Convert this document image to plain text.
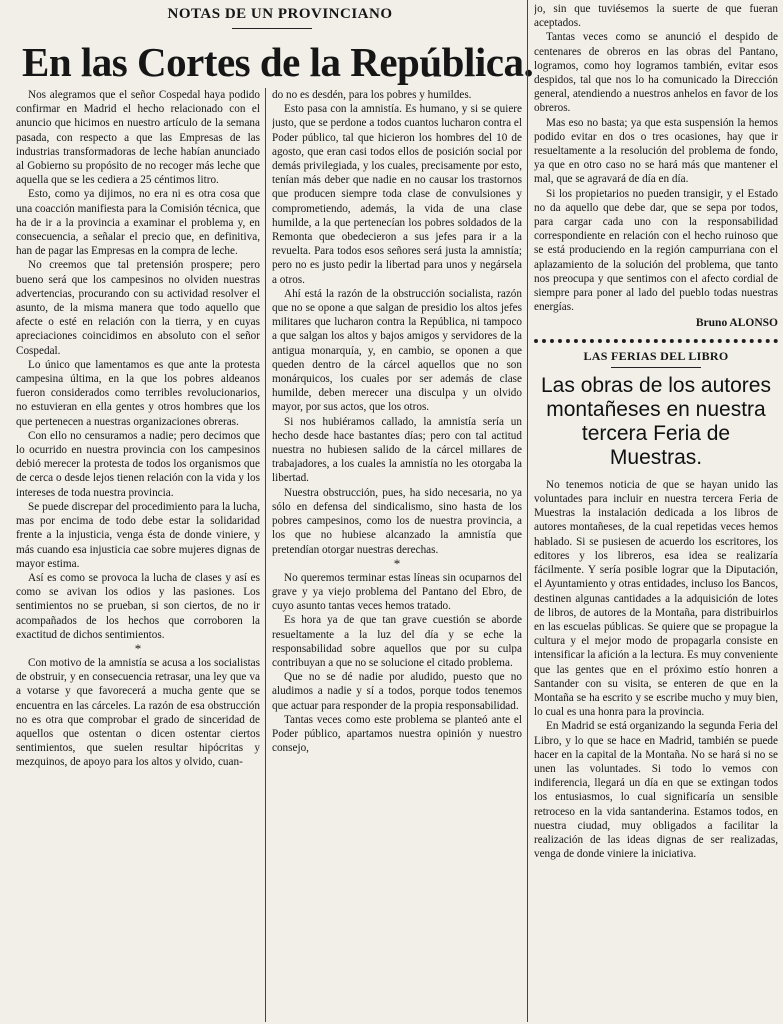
NOTAS DE UN PROVINCIANO
En las Cortes de la República.

Nos alegramos que el señor Cospedal haya podido confirmar en Madrid el hecho relacionado con el anuncio que hicimos en nuestro artículo de la semana pasada, con respecto a que las Empresas de las industrias transformadoras de leche habían anunciado al Gobierno su propósito de no recoger más leche que aquella que se les cediera a 25 céntimos litro.

Esto, como ya dijimos, no era ni es otra cosa que una coacción manifiesta para la Comisión técnica, que ha de ir a la provincia a examinar el problema y, en consecuencia, a señalar el precio que, en definitiva, han de pagar las Empresas en la compra de leche.

No creemos que tal pretensión prospere; pero bueno será que los campesinos no olviden nuestras advertencias, procurando con su actividad resolver el asunto, de la misma manera que todo aquello que afecte o esté en relación con la tierra, y en cuyas apreciaciones coincidimos en absoluto con el señor Cospedal.

Lo único que lamentamos es que ante la protesta campesina última, en la que los pobres aldeanos fueron considerados como terribles revolucionarios, no estuvieran en ella gentes y otros hombres que los que pertenecen a nuestras organizaciones obreras.

Con ello no censuramos a nadie; pero decimos que lo ocurrido en nuestra provincia con los campesinos debió merecer la protesta de todos los organismos que de cerca o desde lejos tienen relación con la vida y los intereses de toda nuestra provincia.

Se puede discrepar del procedimiento para la lucha, mas por encima de todo debe estar la solidaridad frente a la injusticia, venga ésta de donde viniere, y más cuando esa injusticia cae sobre mujeres dignas de mayor estima.

Así es como se provoca la lucha de clases y así es como se avivan los odios y las pasiones. Los sentimientos no se prueban, si son ciertos, de no ir acompañados de los hechos que corroboren la exactitud de dichos sentimientos.

*

Con motivo de la amnistía se acusa a los socialistas de obstruir, y en consecuencia retrasar, una ley que va a votarse y que favorecerá a mucha gente que se encuentra en las cárceles. La razón de esa obstrucción no es otra que comprobar el grado de sinceridad de aquellos que ostentan o dicen ostentar ciertos sentimientos, que suelen resultar hipócritas y mezquinos, de apoyo para los altos y olvido, cuan-

do no es desdén, para los pobres y humildes.

Esto pasa con la amnistía. Es humano, y si se quiere justo, que se perdone a todos cuantos lucharon contra el Poder público, tal que hicieron los hombres del 10 de agosto, que eran casi todos ellos de posición social por demás privilegiada, y los cuales, precisamente por esto, tenían más deber que nadie en no causar los trastornos que producen siempre toda clase de convulsiones y comprometiendo, además, la vida de una clase humilde, a la que pertenecían los pobres soldados de la Remonta que obedecieron a sus jefes para ir a la revuelta. Para todos esos señores será justa la amnistía; pero no es justo pedir la libertad para unos y negársela a otros.

Ahí está la razón de la obstrucción socialista, razón que no se opone a que salgan de presidio los altos jefes militares que lucharon contra la República, ni tampoco a que salgan los altos y bajos amigos y servidores de la antigua monarquía, y, en cambio, se oponen a que queden dentro de la cárcel aquellos que no son monárquicos, los cuales por ser además de clase humilde, deben merecer una disculpa y un olvido mayor, por sus actos, que los otros.

Si nos hubiéramos callado, la amnistía sería un hecho desde hace bastantes días; pero con tal actitud nuestra no hubiesen salido de la cárcel millares de trabajadores, a los cuales la amnistía no les otorgaba la libertad.

Nuestra obstrucción, pues, ha sido necesaria, no ya sólo en defensa del sindicalismo, sino hasta de los pobres campesinos, como los de nuestra provincia, a los que no hubiese alcanzado la amnistía que pretendían otorgar nuestras derechas.

*

No queremos terminar estas líneas sin ocuparnos del grave y ya viejo problema del Pantano del Ebro, de cuyo asunto tantas veces hemos tratado.

Es hora ya de que tan grave cuestión se aborde resueltamente a la luz del día y se eche la responsabilidad sobre aquellos que por su culpa contribuyan a que no se solucione el citado problema.

Que no se dé nadie por aludido, puesto que no aludimos a nadie y sí a todos, porque todos tenemos que actuar para responder de la propia responsabilidad.

Tantas veces como este problema se planteó ante el Poder público, apartamos nuestra opinión y nuestro consejo,

jo, sin que tuviésemos la suerte de que fueran aceptados.

Tantas veces como se anunció el despido de centenares de obreros en las obras del Pantano, logramos, como hoy logramos también, evitar esos despidos, tal que nos lo ha comunicado la Dirección general, atendiendo a nuestros anhelos en favor de los obreros.

Mas eso no basta; ya que esta suspensión la hemos podido evitar en dos o tres ocasiones, hay que ir resueltamente a la resolución del problema de fondo, ya que en otro caso no se hará más que mantener el mal, que se agravará de día en día.

Si los propietarios no pueden transigir, y el Estado no da aquello que debe dar, que se sepa por todos, para cargar cada uno con la responsabilidad correspondiente en relación con el hecho ruinoso que se está produciendo en la región campurriana con el aplazamiento de la solución del problema, que tanto nos preocupa y que sentimos con el afecto cordial de siempre para poner al lado del pueblo todas nuestras energías.

Bruno ALONSO
LAS FERIAS DEL LIBRO
Las obras de los autores montañeses en nuestra tercera Feria de Muestras.

No tenemos noticia de que se hayan unido las voluntades para incluir en nuestra tercera Feria de Muestras la instalación dedicada a los libros de autores montañeses, de la cual repetidas veces hemos hablado. Si se pusiesen de acuerdo los escritores, los editores y los libreros, esa idea se realizaría fácilmente. Y sería posible lograr que la Diputación, el Ayuntamiento y otras entidades, incluso los Bancos, destinen algunas cantidades a la adquisición de lotes de libros, de autores de la Montaña, para distribuirlos en las escuelas públicas. Se quiere que se propague la cultura y el mejor modo de propagarla consiste en intensificar la afición a la lectura. Es muy conveniente que las gentes que en el próximo estío honren a Santander con su visita, se enteren de que en la Montaña se ha escrito y se escribe mucho y muy bien, lo cual es una honra para la provincia.

En Madrid se está organizando la segunda Feria del Libro, y lo que se hace en Madrid, también se puede hacer en la capital de la Montaña. No se hará si no se unen las voluntades. Si todo lo vemos con indiferencia, llegará un día en que se extingan todos los entusiasmos, lo cual significaría un sensible retroceso en la vida santanderina. Estamos todos, en nuestra ciudad, muy obligados a facilitar la realización de las ideas dignas de ser realizadas, venga de donde viniere la iniciativa.
